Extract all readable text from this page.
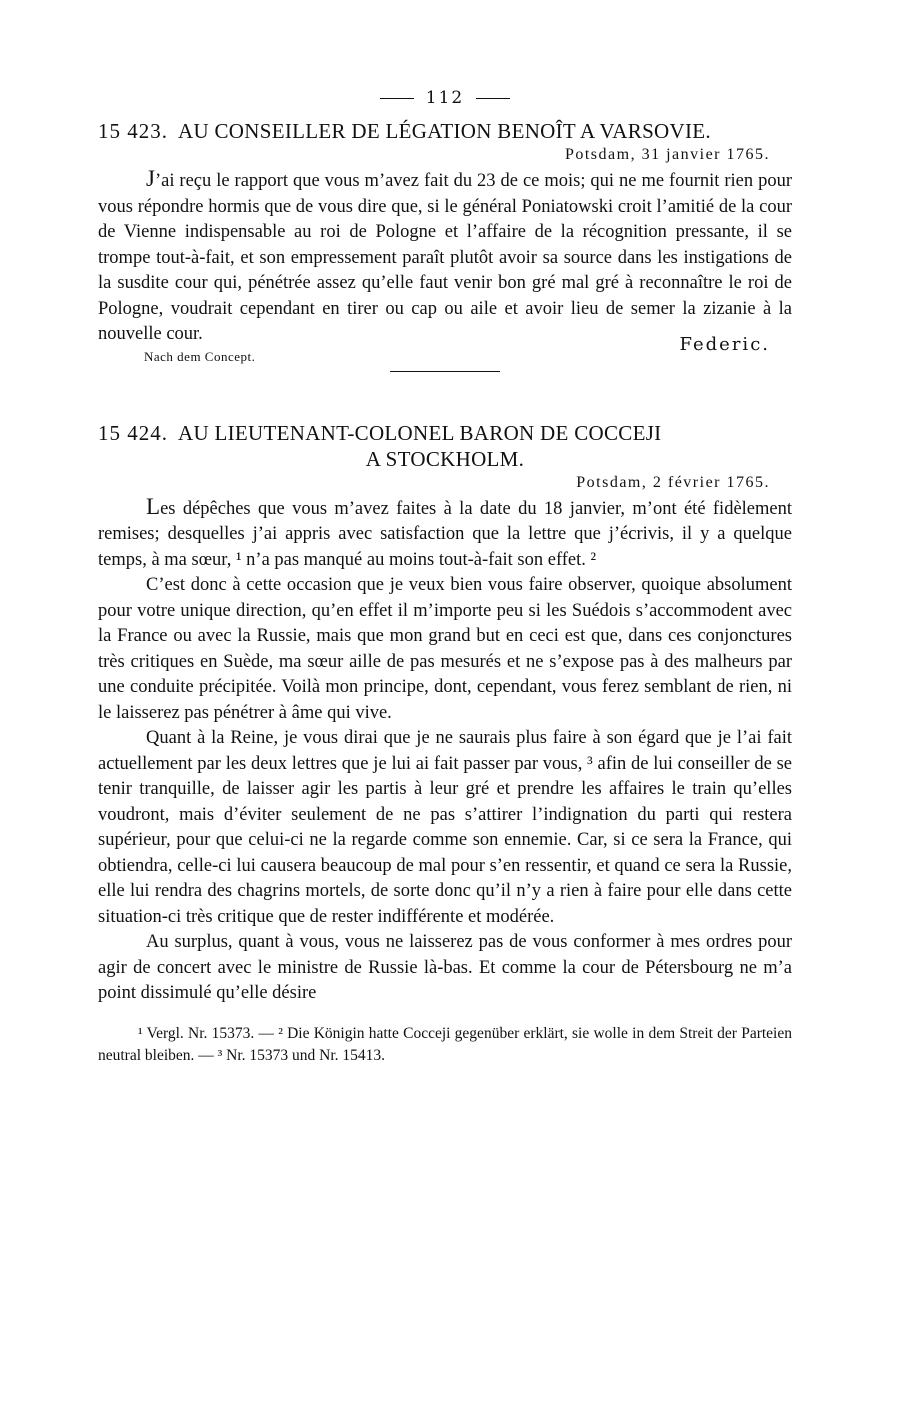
112
15 423. AU CONSEILLER DE LÉGATION BENOÎT A VARSOVIE.
Potsdam, 31 janvier 1765.

J’ai reçu le rapport que vous m’avez fait du 23 de ce mois; qui ne me fournit rien pour vous répondre hormis que de vous dire que, si le général Poniatowski croit l’amitié de la cour de Vienne indispensable au roi de Pologne et l’affaire de la récognition pressante, il se trompe tout-à-fait, et son empressement paraît plutôt avoir sa source dans les instigations de la susdite cour qui, pénétrée assez qu’elle faut venir bon gré mal gré à reconnaître le roi de Pologne, voudrait cependant en tirer ou cap ou aile et avoir lieu de semer la zizanie à la nouvelle cour.	Federic.
Nach dem Concept.
15 424. AU LIEUTENANT-COLONEL BARON DE COCCEJI
A STOCKHOLM.
Potsdam, 2 février 1765.

Les dépêches que vous m’avez faites à la date du 18 janvier, m’ont été fidèlement remises; desquelles j’ai appris avec satisfaction que la lettre que j’écrivis, il y a quelque temps, à ma sœur, ¹ n’a pas manqué au moins tout-à-fait son effet. ²

C’est donc à cette occasion que je veux bien vous faire observer, quoique absolument pour votre unique direction, qu’en effet il m’importe peu si les Suédois s’accommodent avec la France ou avec la Russie, mais que mon grand but en ceci est que, dans ces conjonctures très critiques en Suède, ma sœur aille de pas mesurés et ne s’expose pas à des malheurs par une conduite précipitée. Voilà mon principe, dont, cependant, vous ferez semblant de rien, ni le laisserez pas pénétrer à âme qui vive.

Quant à la Reine, je vous dirai que je ne saurais plus faire à son égard que je l’ai fait actuellement par les deux lettres que je lui ai fait passer par vous, ³ afin de lui conseiller de se tenir tranquille, de laisser agir les partis à leur gré et prendre les affaires le train qu’elles voudront, mais d’éviter seulement de ne pas s’attirer l’indignation du parti qui restera supérieur, pour que celui-ci ne la regarde comme son ennemie. Car, si ce sera la France, qui obtiendra, celle-ci lui causera beaucoup de mal pour s’en ressentir, et quand ce sera la Russie, elle lui rendra des chagrins mortels, de sorte donc qu’il n’y a rien à faire pour elle dans cette situation-ci très critique que de rester indifférente et modérée.

Au surplus, quant à vous, vous ne laisserez pas de vous conformer à mes ordres pour agir de concert avec le ministre de Russie là-bas. Et comme la cour de Pétersbourg ne m’a point dissimulé qu’elle désire

¹ Vergl. Nr. 15373. — ² Die Königin hatte Cocceji gegenüber erklärt, sie wolle in dem Streit der Parteien neutral bleiben. — ³ Nr. 15373 und Nr. 15413.
